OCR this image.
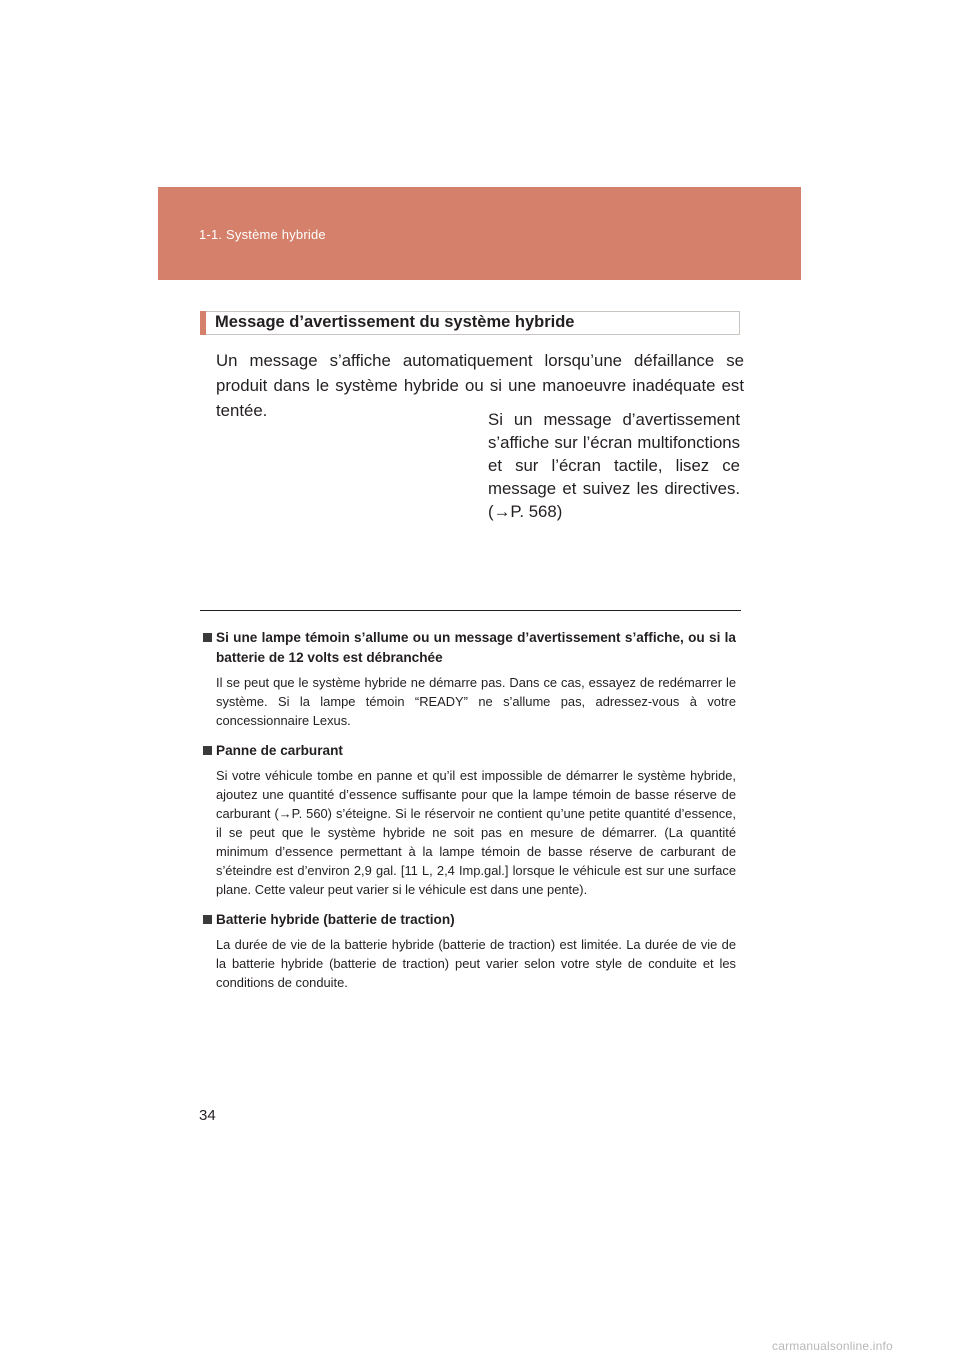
1-1. Système hybride
Message d’avertissement du système hybride
Un message s’affiche automatiquement lorsqu’une défaillance se produit dans le système hybride ou si une manoeuvre inadéquate est tentée.	Si un message d’avertissement s’affiche sur l’écran multifonctions et sur l’écran tactile, lisez ce message et suivez les directives.
(→P. 568)
Si une lampe témoin s’allume ou un message d’avertissement s’affiche, ou si la batterie de 12 volts est débranchée
Il se peut que le système hybride ne démarre pas. Dans ce cas, essayez de redémarrer le système. Si la lampe témoin “READY” ne s’allume pas, adressez-vous à votre concessionnaire Lexus.
Panne de carburant
Si votre véhicule tombe en panne et qu’il est impossible de démarrer le système hybride, ajoutez une quantité d’essence suffisante pour que la lampe témoin de basse réserve de carburant (→P. 560) s’éteigne. Si le réservoir ne contient qu’une petite quantité d’essence, il se peut que le système hybride ne soit pas en mesure de démarrer. (La quantité minimum d’essence permettant à la lampe témoin de basse réserve de carburant de s’éteindre est d’environ 2,9 gal. [11 L, 2,4 Imp.gal.] lorsque le véhicule est sur une surface plane. Cette valeur peut varier si le véhicule est dans une pente).
Batterie hybride (batterie de traction)
La durée de vie de la batterie hybride (batterie de traction) est limitée. La durée de vie de la batterie hybride (batterie de traction) peut varier selon votre style de conduite et les conditions de conduite.
34
carmanualsonline.info
